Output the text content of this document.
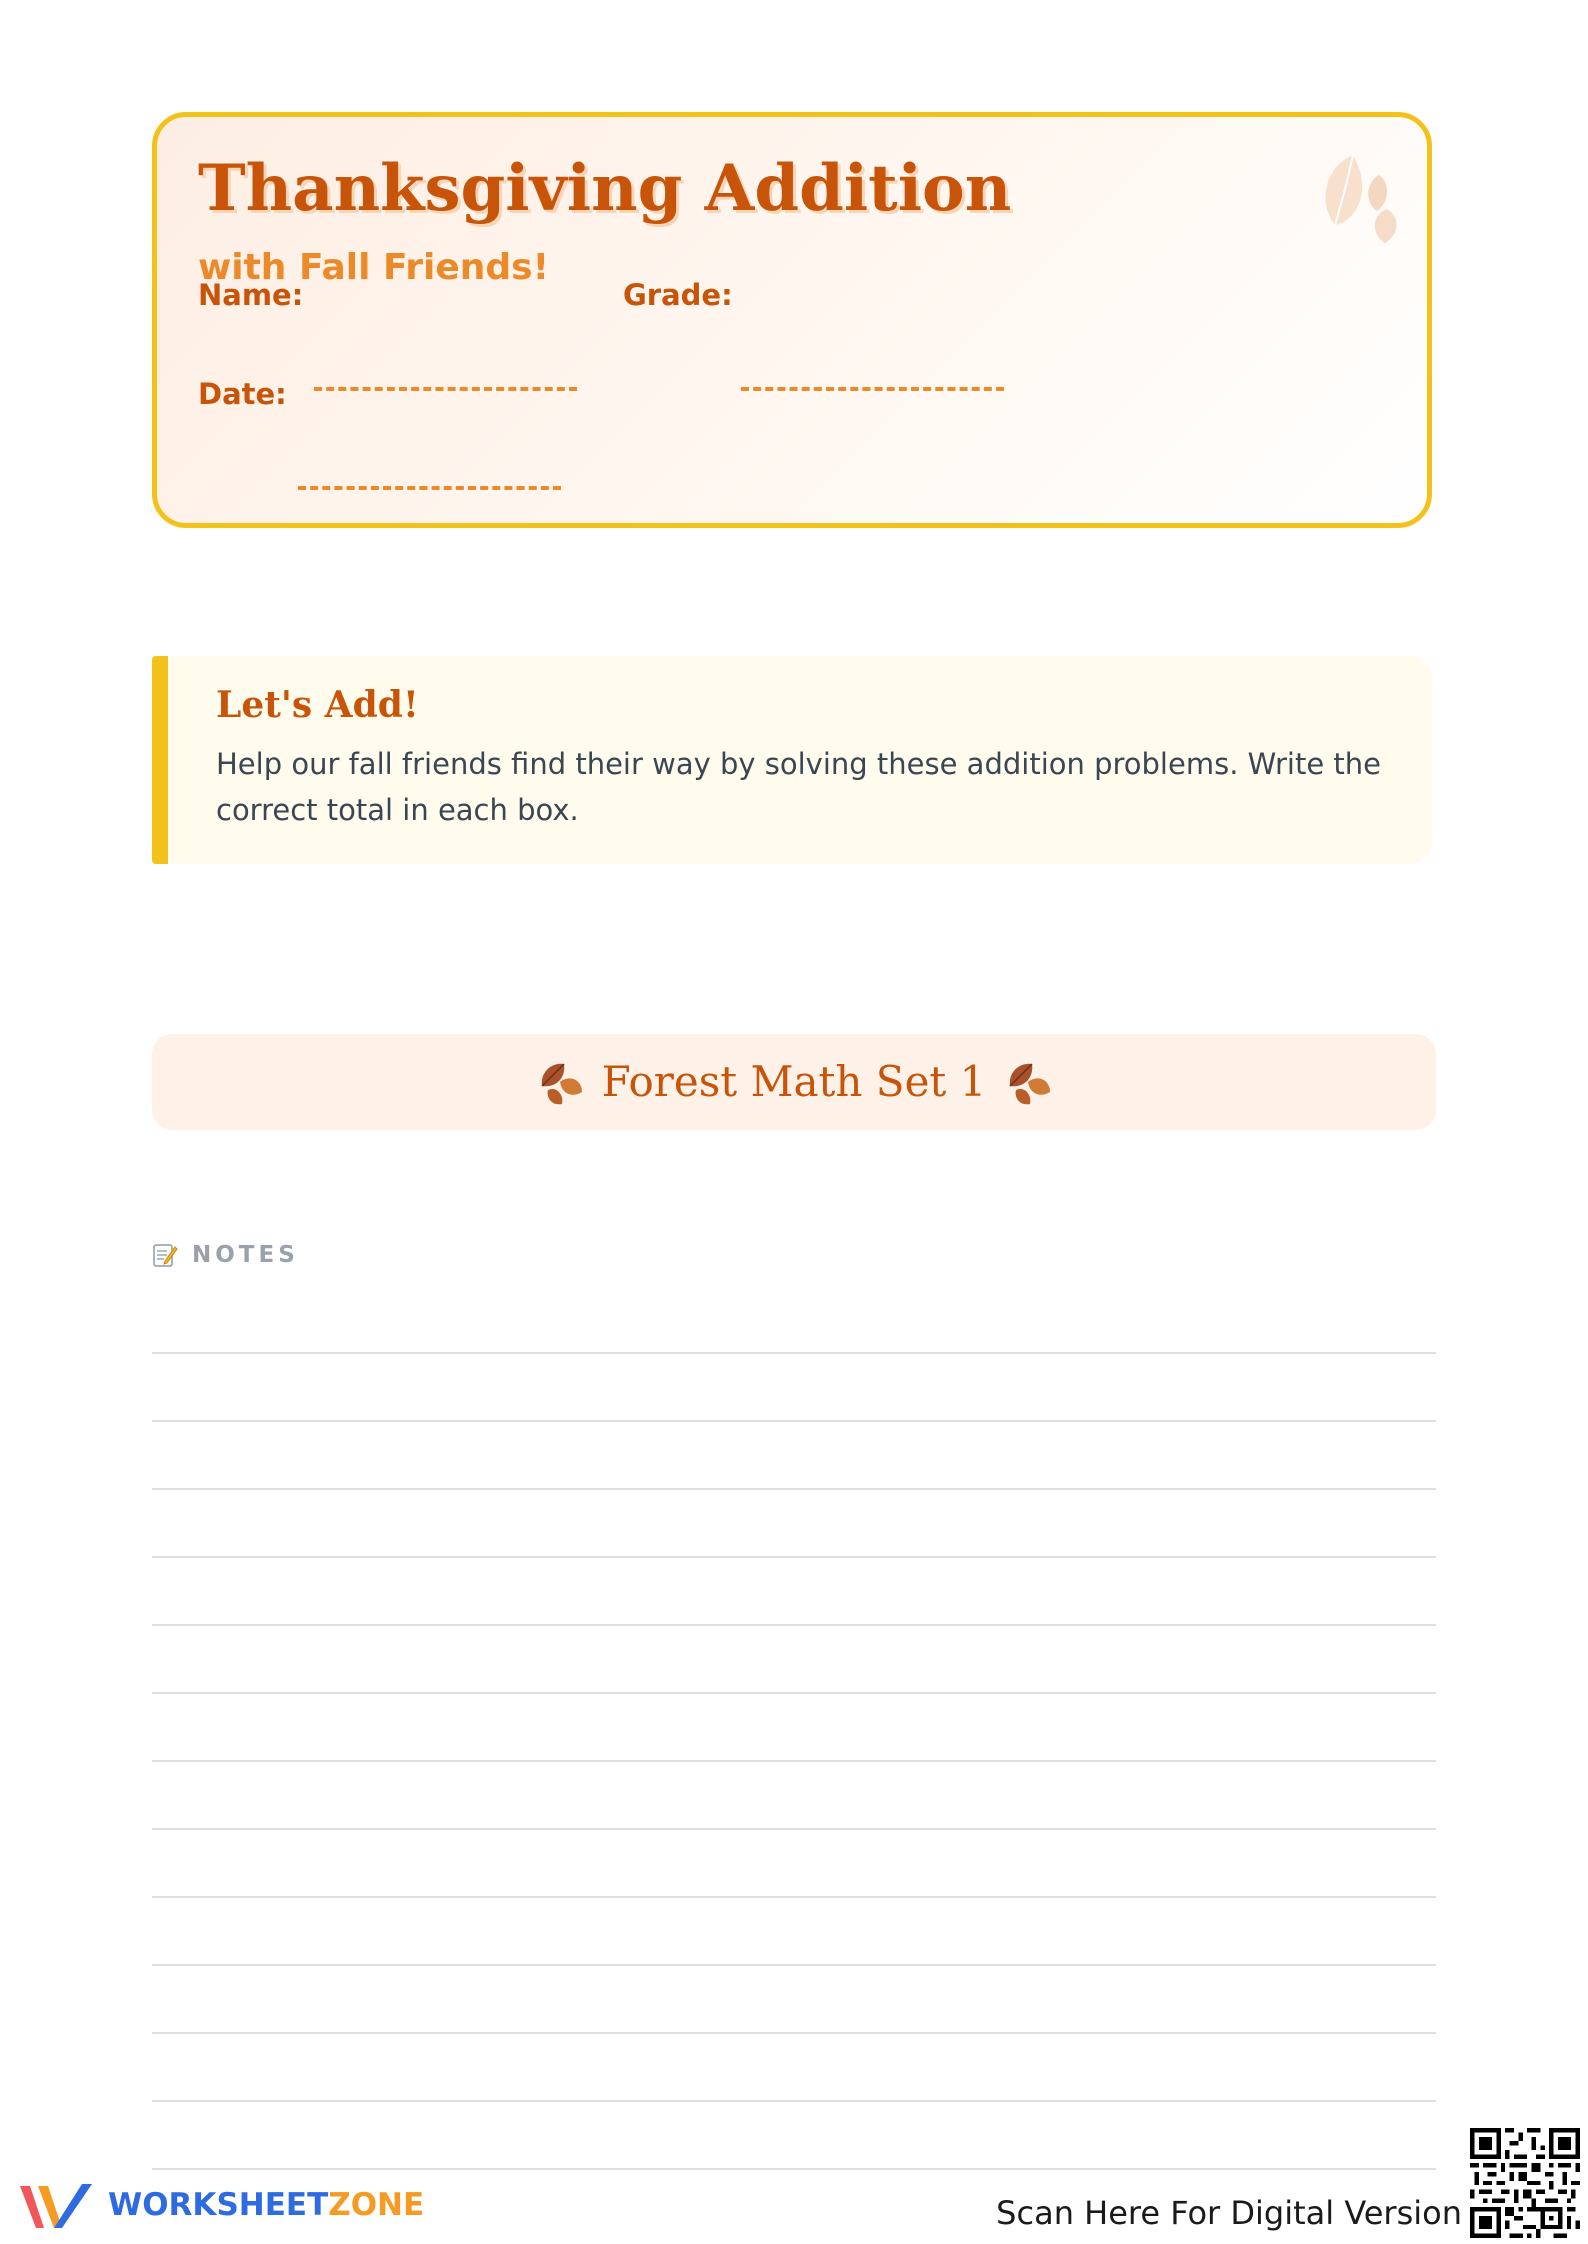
Thanksgiving Addition
with Fall Friends!
Name:	Grade:
Date:
Let's Add!

Help our fall friends find their way by solving these addition problems. Write the correct total in each box.

Forest Math Set 1
NOTES
WORKSHEETZONE	Scan Here For Digital Version
